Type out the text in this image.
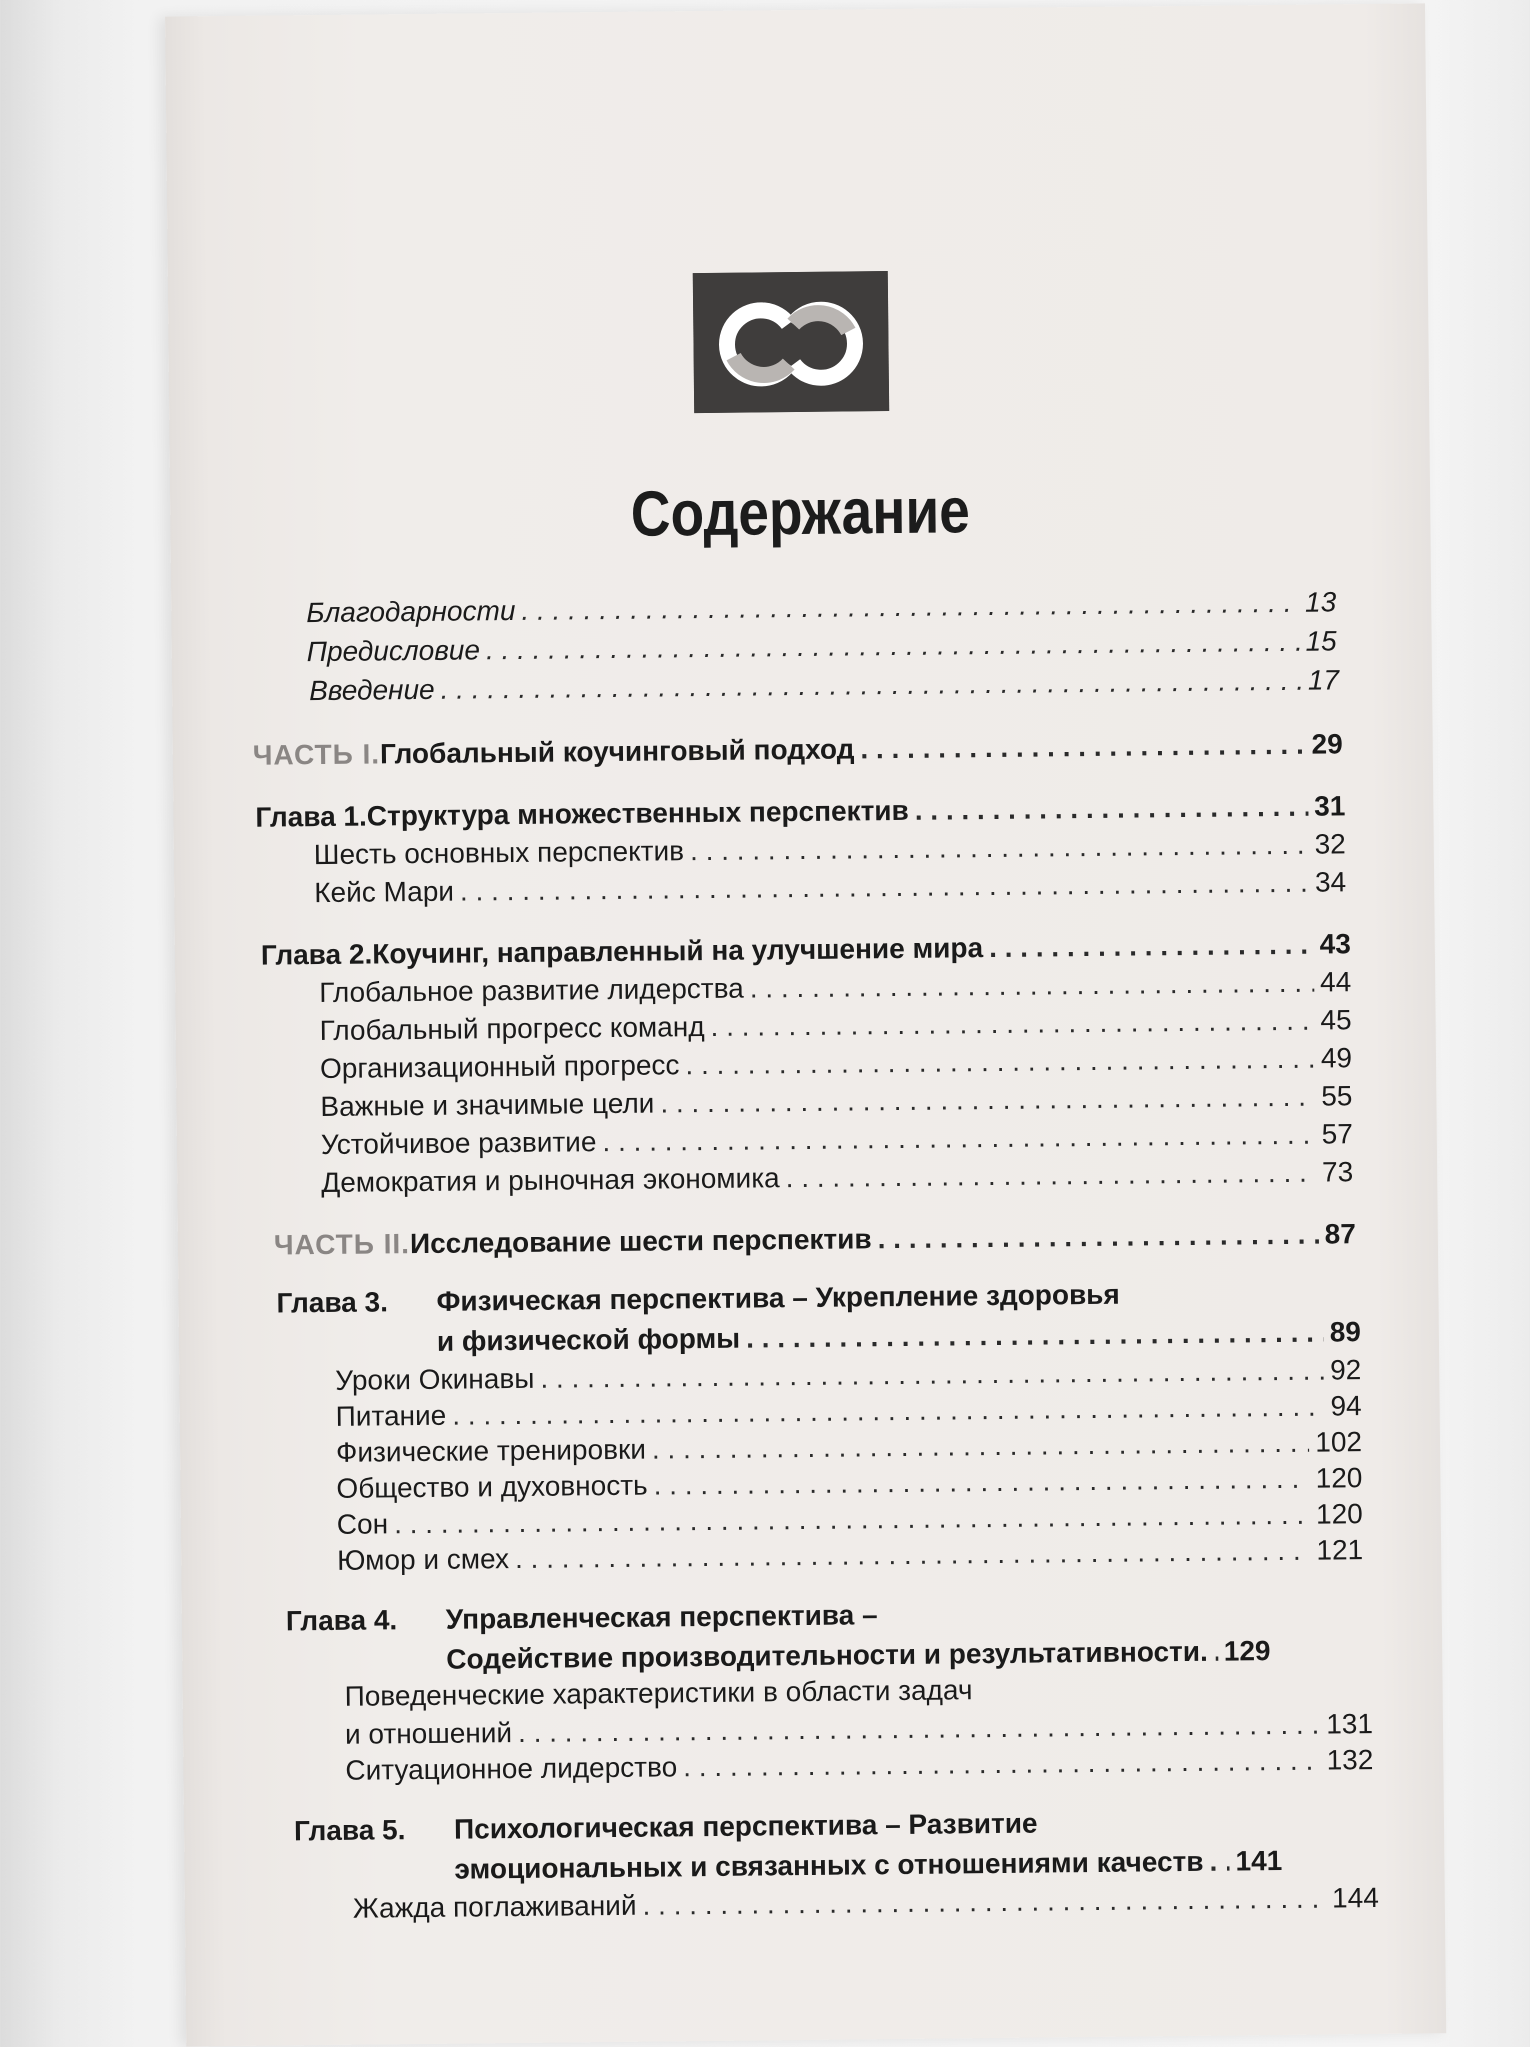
Содержание
Благодарности . . .	13
Предисловие . . .	15
Введение . . .	17
ЧАСТЬ I. Глобальный коучинговый подход . . .	29
Глава 1. Структура множественных перспектив . . .	31
Шесть основных перспектив . . .	32
Кейс Мари . . .	34
Глава 2. Коучинг, направленный на улучшение мира . . .	43
Глобальное развитие лидерства . . .	44
Глобальный прогресс команд . . .	45
Организационный прогресс . . .	49
Важные и значимые цели . . .	55
Устойчивое развитие . . .	57
Демократия и рыночная экономика . . .	73
ЧАСТЬ II. Исследование шести перспектив . . .	87
Глава 3. Физическая перспектива – Укрепление здоровья
и физической формы . . .	89
Уроки Окинавы . . .	92
Питание . . .	94
Физические тренировки . . .	102
Общество и духовность . . .	120
Сон . . .	120
Юмор и смех . . .	121
Глава 4. Управленческая перспектива –
Содействие производительности и результативности. . . . 129
Поведенческие характеристики в области задач
и отношений . . .	131
Ситуационное лидерство . . .	132
Глава 5. Психологическая перспектива – Развитие
эмоциональных и связанных с отношениями качеств . . . 141
Жажда поглаживаний . . .	144
